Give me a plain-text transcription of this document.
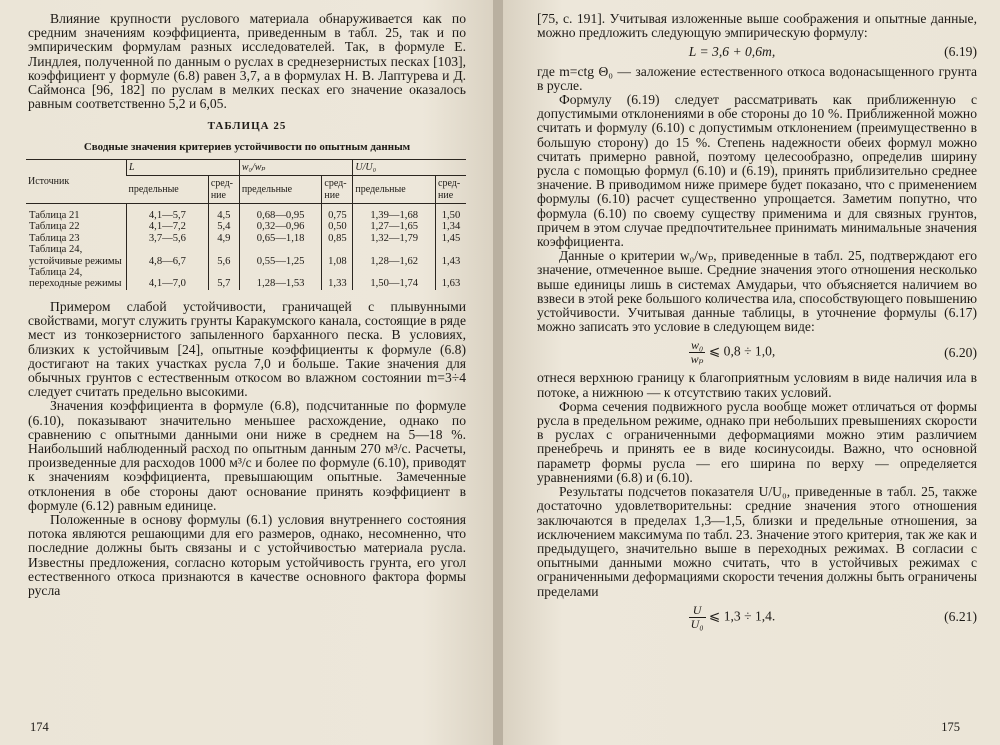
Влияние крупности руслового материала обнаруживается как по средним значениям коэффициента, приведенным в табл. 25, так и по эмпирическим формулам разных исследователей. Так, в формуле Е. Линдлея, полученной по данным о руслах в среднезернистых песках [103], коэффициент у формуле (6.8) равен 3,7, а в формулах Н. В. Лаптурева и Д. Саймонса [96, 182] по руслам в мелких песках его значение оказалось равным соответственно 5,2 и 6,05.

ТАБЛИЦА 25
Сводные значения критериев устойчивости по опытным данным
Источник	L		w₀/wₚ		U/U₀	
	предельные	сред-ние	предельные	сред-ние	предельные	сред-ние
Таблица 21	4,1—5,7	4,5	0,68—0,95	0,75	1,39—1,68	1,50
Таблица 22	4,1—7,2	5,4	0,32—0,96	0,50	1,27—1,65	1,34
Таблица 23	3,7—5,6	4,9	0,65—1,18	0,85	1,32—1,79	1,45
Таблица 24, устойчивые режимы	4,8—6,7	5,6	0,55—1,25	1,08	1,28—1,62	1,43
Таблица 24, переходные режимы	4,1—7,0	5,7	1,28—1,53	1,33	1,50—1,74	1,63

Примером слабой устойчивости, граничащей с плывунными свойствами, могут служить грунты Каракумского канала, состоящие в ряде мест из тонкозернистого запыленного барханного песка. В условиях, близких к устойчивым [24], опытные коэффициенты к формуле (6.8) достигают на таких участках русла 7,0 и больше. Такие значения для обычных грунтов с естественным откосом во влажном состоянии m=3÷4 следует считать предельно высокими.

Значения коэффициента в формуле (6.8), подсчитанные по формуле (6.10), показывают значительно меньшее расхождение, однако по сравнению с опытными данными они ниже в среднем на 5—18 %. Наибольший наблюденный расход по опытным данным 270 м³/с. Расчеты, произведенные для расходов 1000 м³/с и более по формуле (6.10), приводят к значениям коэффициента, превышающим опытные. Замеченные отклонения в обе стороны дают основание принять коэффициент в формуле (6.12) равным единице.

Положенные в основу формулы (6.1) условия внутреннего состояния потока являются решающими для его размеров, однако, несомненно, что последние должны быть связаны и с устойчивостью материала русла. Известны предложения, согласно которым устойчивость грунта, его угол естественного откоса признаются в качестве основного фактора формы русла

174

[75, с. 191]. Учитывая изложенные выше соображения и опытные данные, можно предложить следующую эмпирическую формулу:

L = 3,6 + 0,6m,	(6.19)

где m=ctg Θ₀ — заложение естественного откоса водонасыщенного грунта в русле.

Формулу (6.19) следует рассматривать как приближенную с допустимыми отклонениями в обе стороны до 10 %. Приближенной можно считать и формулу (6.10) с допустимым отклонением (преимущественно в большую сторону) до 15 %. Степень надежности обеих формул можно считать примерно равной, поэтому целесообразно, определив ширину русла с помощью формул (6.10) и (6.19), принять приблизительно среднее значение. В приводимом ниже примере будет показано, что с применением формулы (6.10) расчет существенно упрощается. Заметим попутно, что формула (6.10) по своему существу применима и для связных грунтов, причем в этом случае предпочтительнее принимать минимальные значения коэффициента.

Данные о критерии w₀/wₚ, приведенные в табл. 25, подтверждают его значение, отмеченное выше. Средние значения этого отношения несколько выше единицы лишь в системах Амударьи, что объясняется наличием во взвеси в этой реке большого количества ила, способствующего повышению устойчивости. Учитывая данные таблицы, в уточнение формулы (6.17) можно записать это условие в следующем виде:

$\frac{\text{w₀}}{\text{wₚ}}$ ⩽ 0,8 ÷ 1,0,	(6.20)

отнеся верхнюю границу к благоприятным условиям в виде наличия ила в потоке, а нижнюю — к отсутствию таких условий.

Форма сечения подвижного русла вообще может отличаться от формы русла в предельном режиме, однако при небольших превышениях скорости в руслах с ограниченными деформациями можно этим различием пренебречь и принять ее в виде косинусоиды. Важно, что основной параметр формы русла — его ширина по верху — определяется уравнениями (6.8) и (6.10).

Результаты подсчетов показателя U/U₀, приведенные в табл. 25, также достаточно удовлетворительны: средние значения этого отношения заключаются в пределах 1,3—1,5, близки и предельные отношения, за исключением максимума по табл. 23. Значение этого критерия, так же как и предыдущего, значительно выше в переходных режимах. В согласии с опытными данными можно считать, что в устойчивых режимах с ограниченными деформациями скорости течения должны быть ограничены пределами

$\frac{U}{\text{U₀}}$ ⩽ 1,3 ÷ 1,4.	(6.21)
175
